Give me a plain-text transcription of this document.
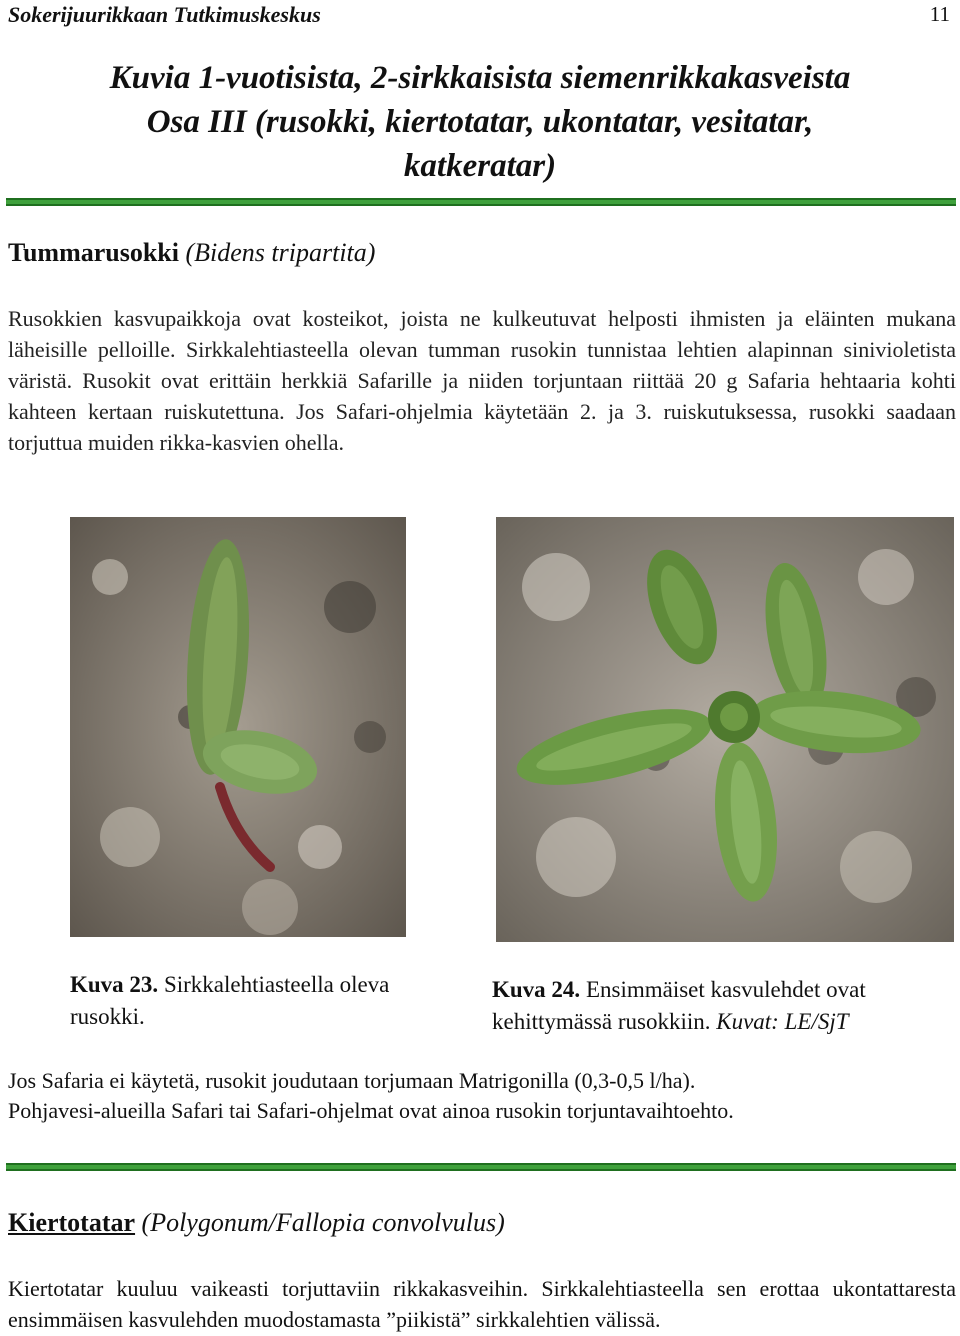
Sokerijuurikkaan Tutkimuskeskus	11
Kuvia 1-vuotisista, 2-sirkkaisista siemenrikkakasveista
Osa III (rusokki, kiertotatar, ukontatar, vesitatar,
katkeratar)
Tummarusokki (Bidens tripartita)
Rusokkien kasvupaikkoja ovat kosteikot, joista ne kulkeutuvat helposti ihmisten ja eläinten mukana läheisille pelloille. Sirkkalehtiasteella olevan tumman rusokin tunnistaa lehtien alapinnan sinivioletista väristä. Rusokit ovat erittäin herkkiä Safarille ja niiden torjuntaan riittää 20 g Safaria hehtaaria kohti kahteen kertaan ruiskutettuna. Jos Safari-ohjelmia käytetään 2. ja 3. ruiskutuksessa, rusokki saadaan torjuttua muiden rikka-kasvien ohella.
Kuva 23. Sirkkalehtiasteella oleva rusokki.
Kuva 24. Ensimmäiset kasvulehdet ovat kehittymässä rusokkiin. Kuvat: LE/SjT
Jos Safaria ei käytetä, rusokit joudutaan torjumaan Matrigonilla (0,3-0,5 l/ha).
Pohjavesi-alueilla Safari tai Safari-ohjelmat ovat ainoa rusokin torjuntavaihtoehto.
Kiertotatar (Polygonum/Fallopia convolvulus)
Kiertotatar kuuluu vaikeasti torjuttaviin rikkakasveihin. Sirkkalehtiasteella sen erottaa ukontattaresta ensimmäisen kasvulehden muodostamasta ”piikistä” sirkkalehtien välissä.
